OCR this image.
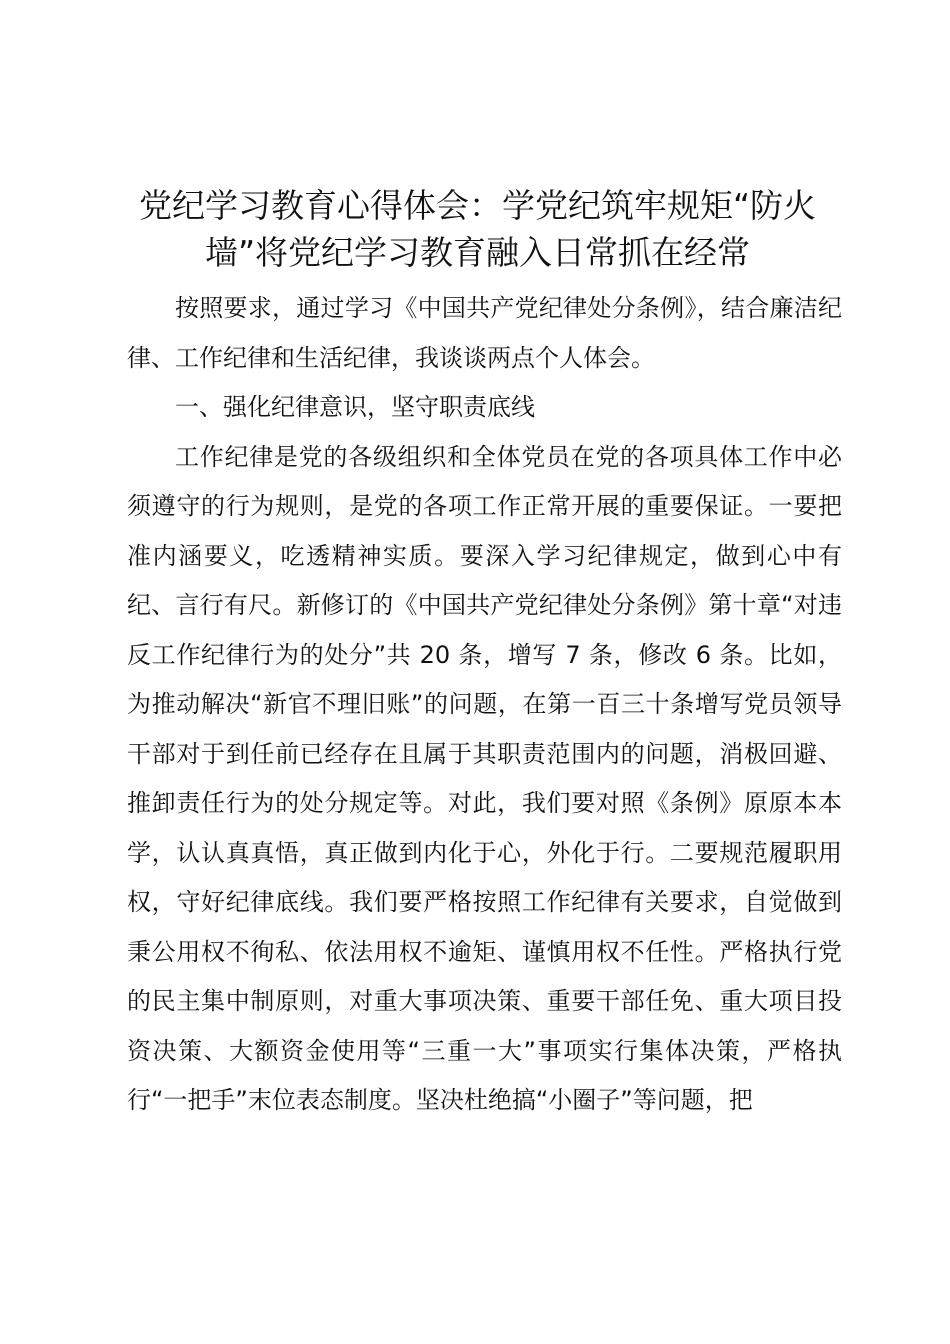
党纪学习教育心得体会：学党纪筑牢规矩“防火墙”将党纪学习教育融入日常抓在经常

按照要求，通过学习《中国共产党纪律处分条例》，结合廉洁纪律、工作纪律和生活纪律，我谈谈两点个人体会。

一、强化纪律意识，坚守职责底线

工作纪律是党的各级组织和全体党员在党的各项具体工作中必须遵守的行为规则，是党的各项工作正常开展的重要保证。一要把准内涵要义，吃透精神实质。要深入学习纪律规定，做到心中有纪、言行有尺。新修订的《中国共产党纪律处分条例》第十章“对违反工作纪律行为的处分”共 20 条，增写 7 条，修改 6 条。比如，为推动解决“新官不理旧账”的问题，在第一百三十条增写党员领导干部对于到任前已经存在且属于其职责范围内的问题，消极回避、推卸责任行为的处分规定等。对此，我们要对照《条例》原原本本学，认认真真悟，真正做到内化于心，外化于行。二要规范履职用权，守好纪律底线。我们要严格按照工作纪律有关要求，自觉做到秉公用权不徇私、依法用权不逾矩、谨慎用权不任性。严格执行党的民主集中制原则，对重大事项决策、重要干部任免、重大项目投资决策、大额资金使用等“三重一大”事项实行集体决策，严格执行“一把手”末位表态制度。坚决杜绝搞“小圈子”等问题，把
